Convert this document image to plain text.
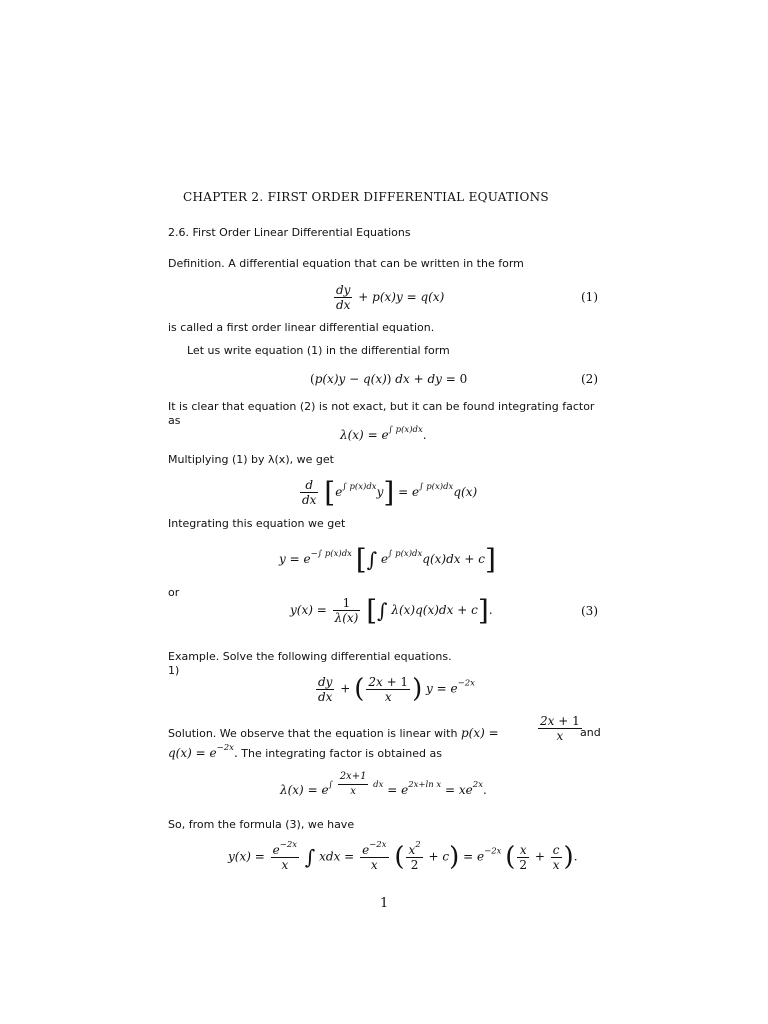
CHAPTER 2. FIRST ORDER DIFFERENTIAL EQUATIONS
2.6. First Order Linear Differential Equations
Definition. A differential equation that can be written in the form
$\frac{dy}{dx} + p(x)y = q(x)$	(1)
is called a first order linear differential equation.
Let us write equation (1) in the differential form
(p(x)y − q(x)) dx + dy = 0	(2)
It is clear that equation (2) is not exact, but it can be found integrating factor
as
$\lambda(x) = e^{\int p(x)dx}$.
Multiplying (1) by λ(x), we get
$\frac{d}{dx} [e^{\int p(x)dx}y] = e^{\int p(x)dx}q(x)$
Integrating this equation we get
$y = e^{-\int p(x)dx}$ [∫ $e^{\int p(x)dx}q(x)dx + c$]
or
$y(x) = \frac{1}{\lambda(x)}$ [∫ λ(x)q(x)dx + c].	(3)
Example. Solve the following differential equations.
1)
$\frac{dy}{dx}$ + ( $\frac{2x + 1}{x}$ ) $y = e^{-2x}$
Solution. We observe that the equation is linear with p(x) =	$\frac{2x + 1}{x}$
and
$q(x) = e^{-2x}$. The integrating factor is obtained as
$\lambda(x) = e^{\int \frac{2x+1}{x} dx} = e^{2x+ln x} = xe^{2x}$.
So, from the formula (3), we have
$y(x) = \frac{e^{-2x}}{x}$ ∫ xdx = $\frac{e^{-2x}}{x}$ ( $\frac{x^2}{2} + c) = e^{-2x}$ ( $\frac{x}{2} + \frac{c}{x}$ ).
1
